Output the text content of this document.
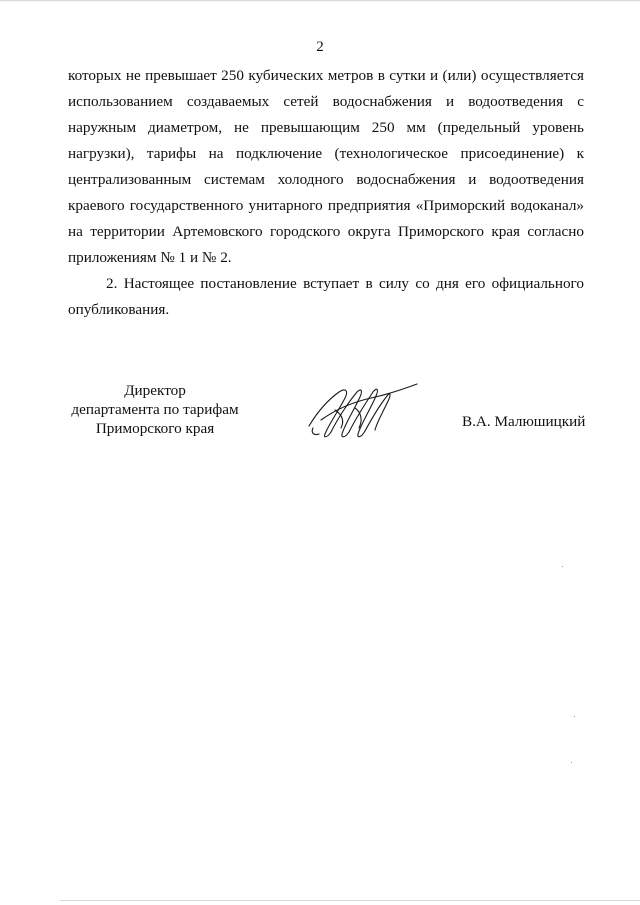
2
которых не превышает 250 кубических метров в сутки и (или) осуществляется
использованием создаваемых сетей водоснабжения и водоотведения с
наружным диаметром, не превышающим 250 мм (предельный уровень
нагрузки), тарифы на подключение (технологическое присоединение) к
централизованным системам холодного водоснабжения и водоотведения
краевого государственного унитарного предприятия «Приморский водоканал»
на территории Артемовского городского округа Приморского края согласно
приложениям № 1 и № 2.
2. Настоящее постановление вступает в силу со дня его официального
опубликования.
Директор
департамента по тарифам
Приморского края	В.А. Малюшицкий
